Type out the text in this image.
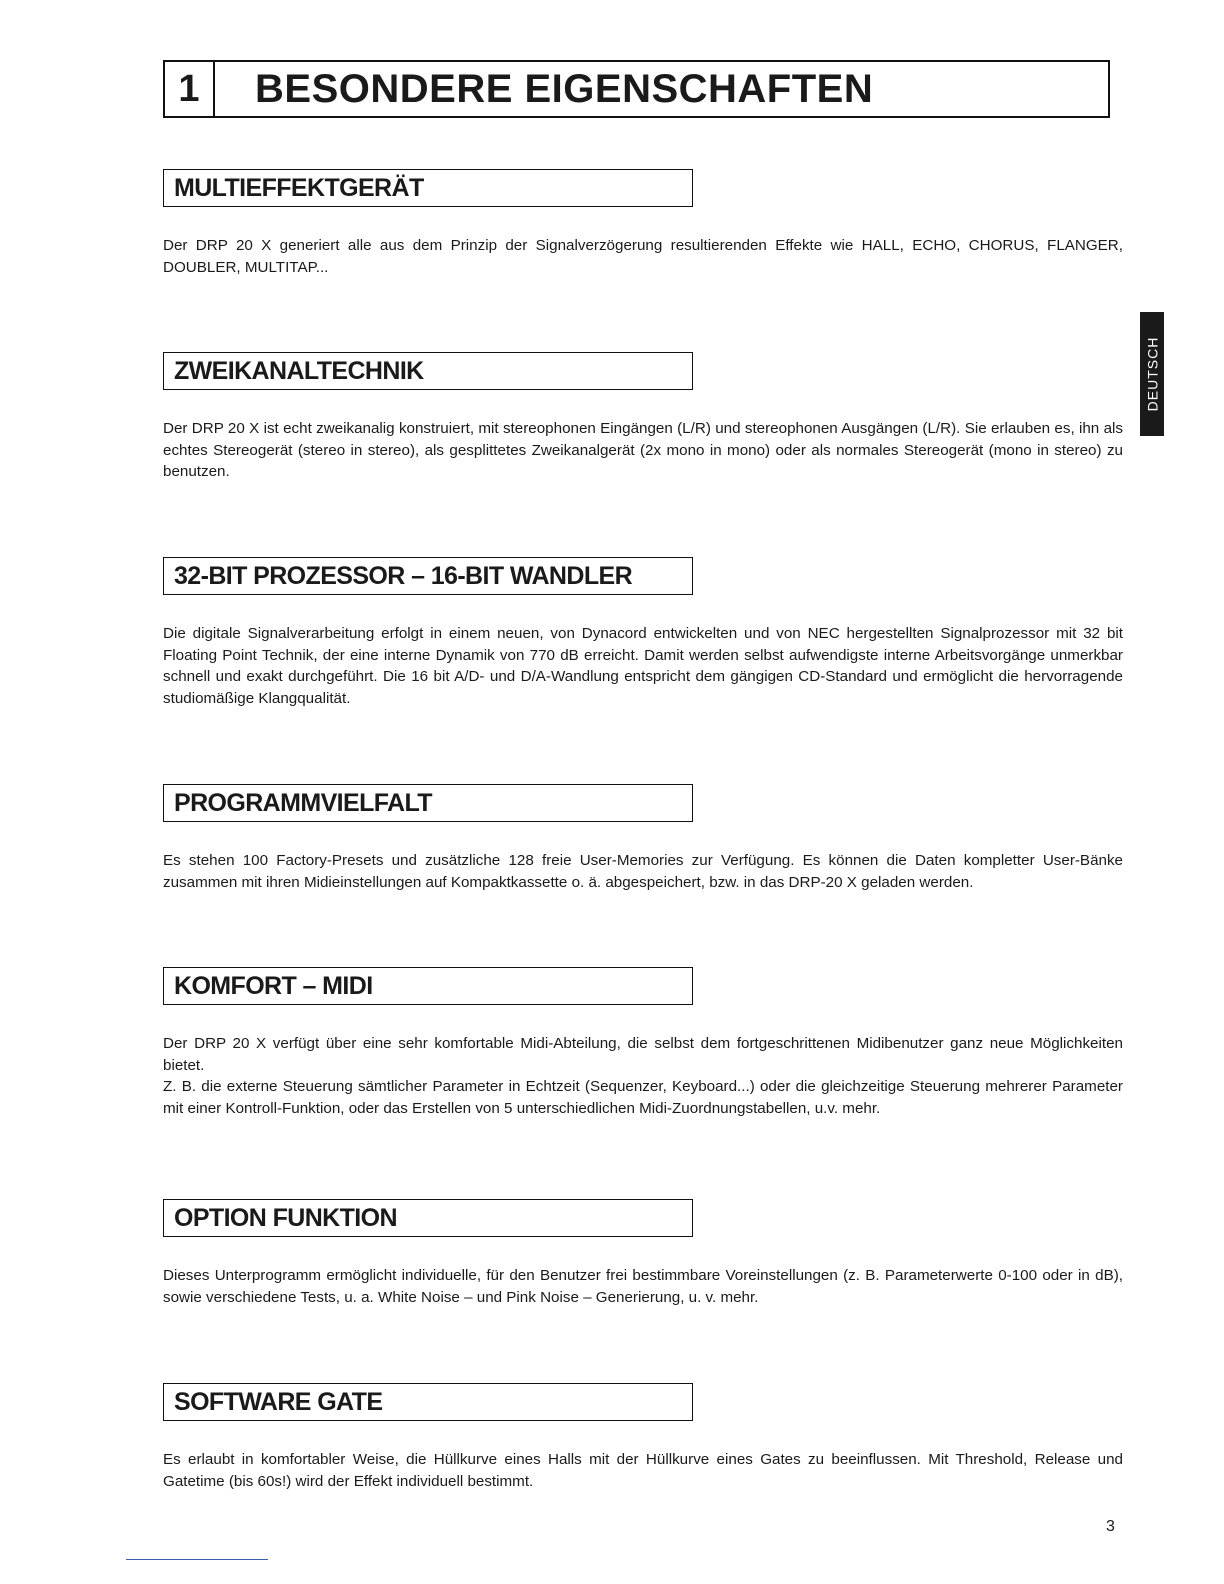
1	BESONDERE EIGENSCHAFTEN
DEUTSCH
MULTIEFFEKTGERÄT

Der DRP 20 X generiert alle aus dem Prinzip der Signalverzögerung resultierenden Effekte wie HALL, ECHO, CHORUS, FLANGER, DOUBLER, MULTITAP...

ZWEIKANALTECHNIK

Der DRP 20 X ist echt zweikanalig konstruiert, mit stereophonen Eingängen (L/R) und stereophonen Ausgängen (L/R). Sie erlauben es, ihn als echtes Stereogerät (stereo in stereo), als gesplittetes Zweikanalgerät (2x mono in mono) oder als normales Stereogerät (mono in stereo) zu benutzen.

32-BIT PROZESSOR – 16-BIT WANDLER

Die digitale Signalverarbeitung erfolgt in einem neuen, von Dynacord entwickelten und von NEC hergestellten Signalprozessor mit 32 bit Floating Point Technik, der eine interne Dynamik von 770 dB erreicht. Damit werden selbst aufwendigste interne Arbeitsvorgänge unmerkbar schnell und exakt durchgeführt. Die 16 bit A/D- und D/A-Wandlung entspricht dem gängigen CD-Standard und ermöglicht die hervorragende studiomäßige Klangqualität.

PROGRAMMVIELFALT

Es stehen 100 Factory-Presets und zusätzliche 128 freie User-Memories zur Verfügung. Es können die Daten kompletter User-Bänke zusammen mit ihren Midieinstellungen auf Kompaktkassette o. ä. abgespeichert, bzw. in das DRP-20 X geladen werden.

KOMFORT – MIDI

Der DRP 20 X verfügt über eine sehr komfortable Midi-Abteilung, die selbst dem fortgeschrittenen Midibenutzer ganz neue Möglichkeiten bietet.

Z. B. die externe Steuerung sämtlicher Parameter in Echtzeit (Sequenzer, Keyboard...) oder die gleichzeitige Steuerung mehrerer Parameter mit einer Kontroll-Funktion, oder das Erstellen von 5 unterschiedlichen Midi-Zuordnungstabellen, u.v. mehr.

OPTION FUNKTION

Dieses Unterprogramm ermöglicht individuelle, für den Benutzer frei bestimmbare Voreinstellungen (z. B. Parameterwerte 0-100 oder in dB), sowie verschiedene Tests, u. a. White Noise – und Pink Noise – Generierung, u. v. mehr.

SOFTWARE GATE

Es erlaubt in komfortabler Weise, die Hüllkurve eines Halls mit der Hüllkurve eines Gates zu beeinflussen. Mit Threshold, Release und Gatetime (bis 60s!) wird der Effekt individuell bestimmt.

3
